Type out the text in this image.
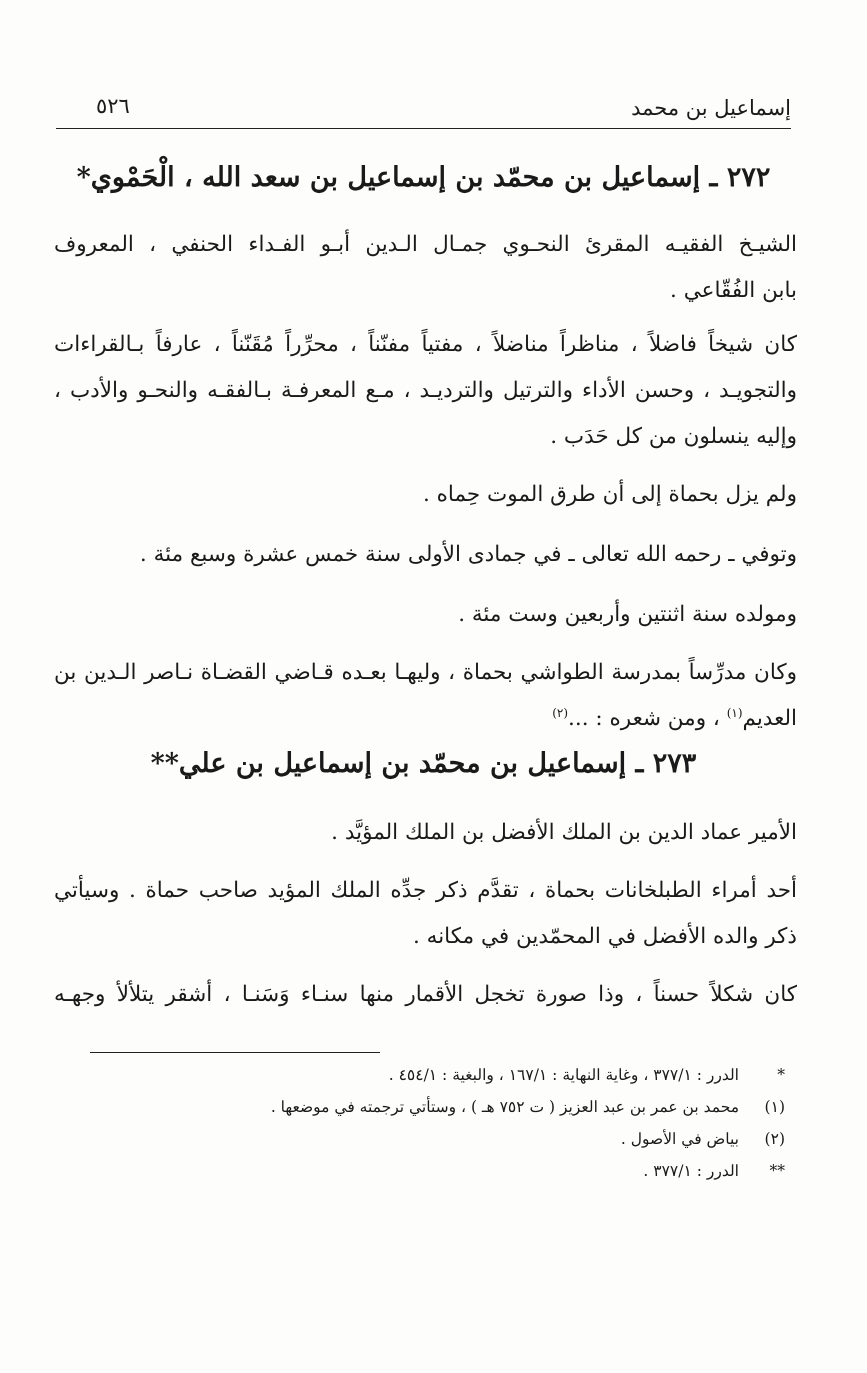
إسماعيل بن محمد
٥٢٦
٢٧٢ ـ إسماعيل بن محمّد بن إسماعيل بن سعد الله ، الْحَمْوي*

الشيـخ الفقيـه المقرئ النحـوي جمـال الـدين أبـو الفـداء الحنفي ، المعروف
بابن الفُقّاعي .

كان شيخاً فاضلاً ، مناظراً مناضلاً ، مفتياً مفنّناً ، محرِّراً مُقَنّناً ، عارفاً بـالقراءات
والتجويـد ، وحسن الأداء والترتيل والترديـد ، مـع المعرفـة بـالفقـه والنحـو والأدب ،
وإليه ينسلون من كل حَدَب .

ولم يزل بحماة إلى أن طرق الموت حِماه .

وتوفي ـ رحمه الله تعالى ـ في جمادى الأولى سنة خمس عشرة وسبع مئة .

ومولده سنة اثنتين وأربعين وست مئة .

وكان مدرِّساً بمدرسة الطواشي بحماة ، وليهـا بعـده قـاضي القضـاة نـاصر الـدين بن
العديم$^{(١)}$ ، ومن شعره : ...$^{(٢)}$

٢٧٣ ـ إسماعيل بن محمّد بن إسماعيل بن علي**

الأمير عماد الدين بن الملك الأفضل بن الملك المؤيَّد .

أحد أمراء الطبلخانات بحماة ، تقدَّم ذكر جدِّه الملك المؤيد صاحب حماة . وسيأتي
ذكر والده الأفضل في المحمّدين في مكانه .

كان شكلاً حسناً ، وذا صورة تخجل الأقمار منها سنـاء وَسَنـا ، أشقر يتلألأ وجهـه

*
الدرر : ٣٧٧/١ ، وغاية النهاية : ١٦٧/١ ، والبغية : ٤٥٤/١ .
(١)
محمد بن عمر بن عبد العزيز ( ت ٧٥٢ هـ ) ، وستأتي ترجمته في موضعها .
(٢)
بياض في الأصول .
**
الدرر : ٣٧٧/١ .
